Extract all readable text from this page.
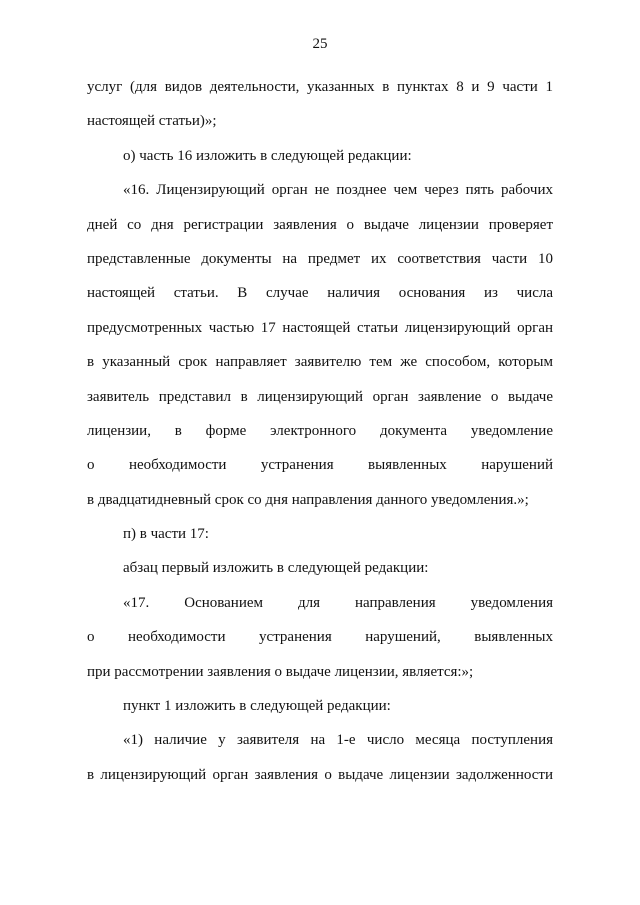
25
услуг (для видов деятельности, указанных в пунктах 8 и 9 части 1
настоящей статьи)»;
о) часть 16 изложить в следующей редакции:
«16. Лицензирующий орган не позднее чем через пять рабочих
дней со дня регистрации заявления о выдаче лицензии проверяет
представленные документы на предмет их соответствия части 10
настоящей статьи. В случае наличия основания из числа
предусмотренных частью 17 настоящей статьи лицензирующий орган
в указанный срок направляет заявителю тем же способом, которым
заявитель представил в лицензирующий орган заявление о выдаче
лицензии, в форме электронного документа уведомление
о необходимости устранения выявленных нарушений
в двадцатидневный срок со дня направления данного уведомления.»;
п) в части 17:
абзац первый изложить в следующей редакции:
«17. Основанием для направления уведомления
о необходимости устранения нарушений, выявленных
при рассмотрении заявления о выдаче лицензии, является:»;
пункт 1 изложить в следующей редакции:
«1) наличие у заявителя на 1-е число месяца поступления
в лицензирующий орган заявления о выдаче лицензии задолженности
